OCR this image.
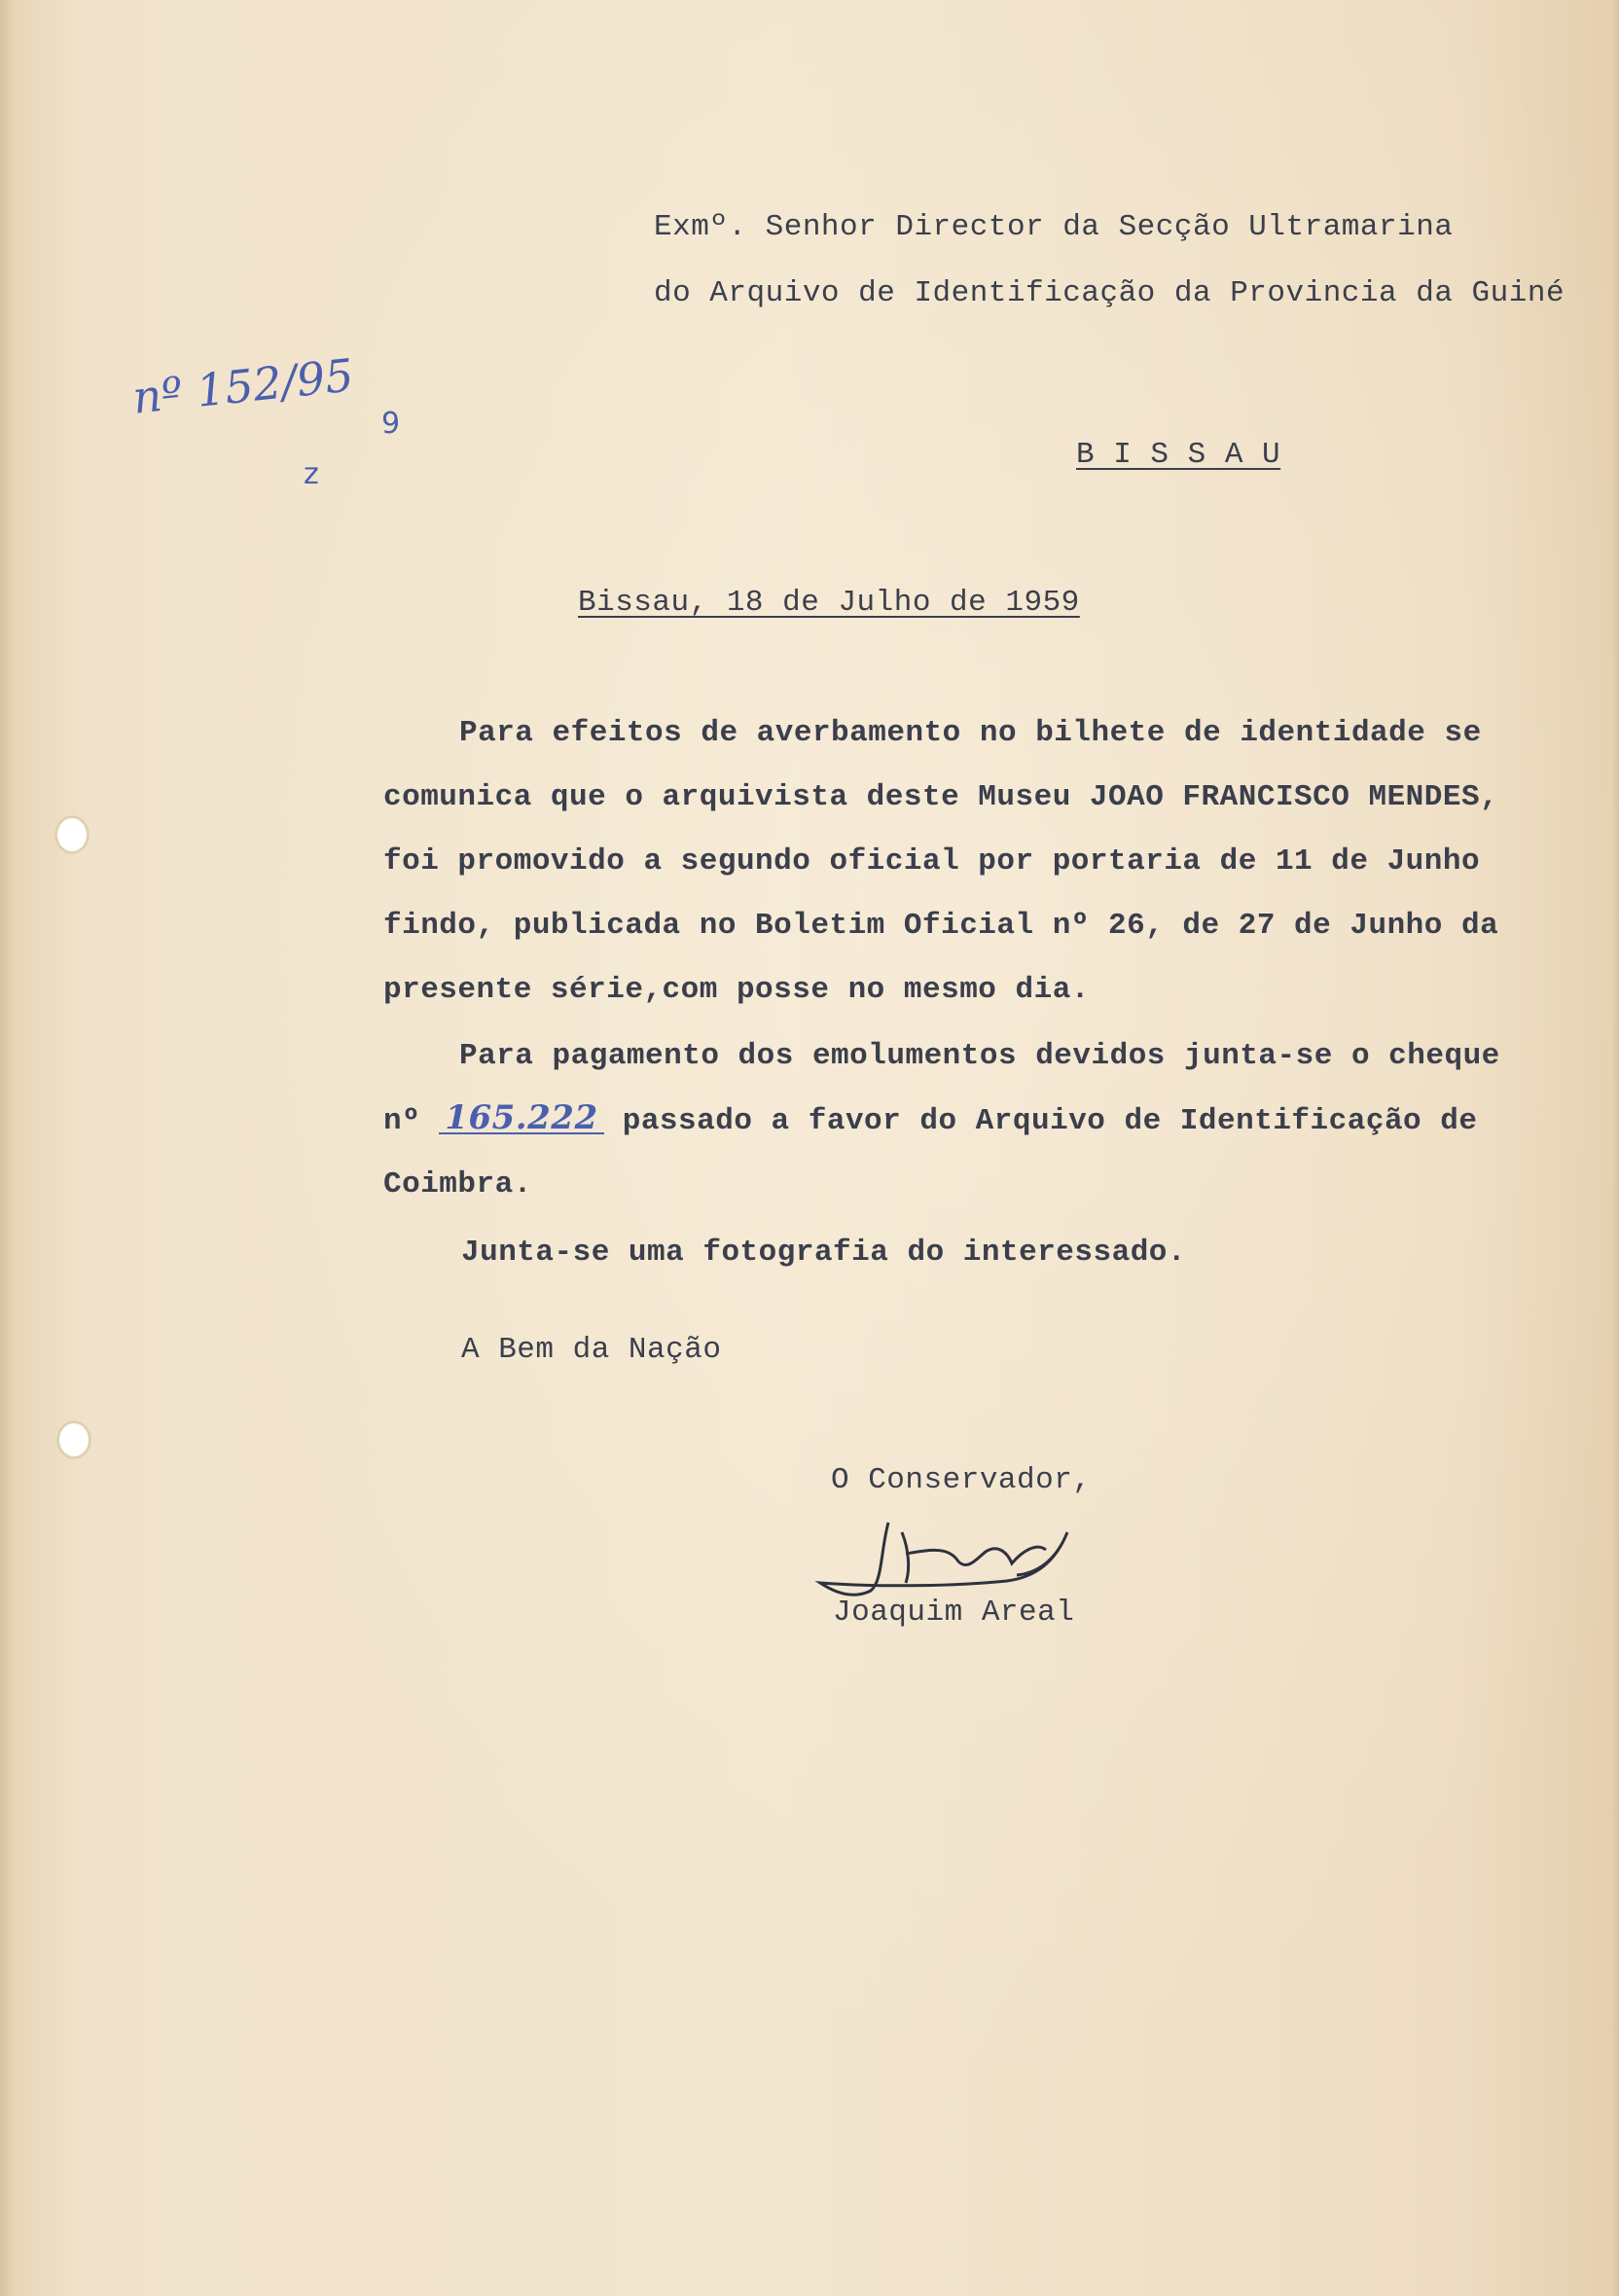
Exmº. Senhor Director da Secção Ultramarina
do Arquivo de Identificação da Provincia da Guiné
B I S S A U
nº 152/95 9
z
Bissau, 18 de Julho de 1959
Para efeitos de averbamento no bilhete de identidade se
comunica que o arquivista deste Museu JOAO FRANCISCO MENDES,
foi promovido a segundo oficial por portaria de 11 de Junho
findo, publicada no Boletim Oficial nº 26, de 27 de Junho da
presente série,com posse no mesmo dia.
Para pagamento dos emolumentos devidos junta-se o cheque
nº 165.222 passado a favor do Arquivo de Identificação de
Coimbra.
Junta-se uma fotografia do interessado.
A Bem da Nação
O Conservador,
Joaquim Areal
